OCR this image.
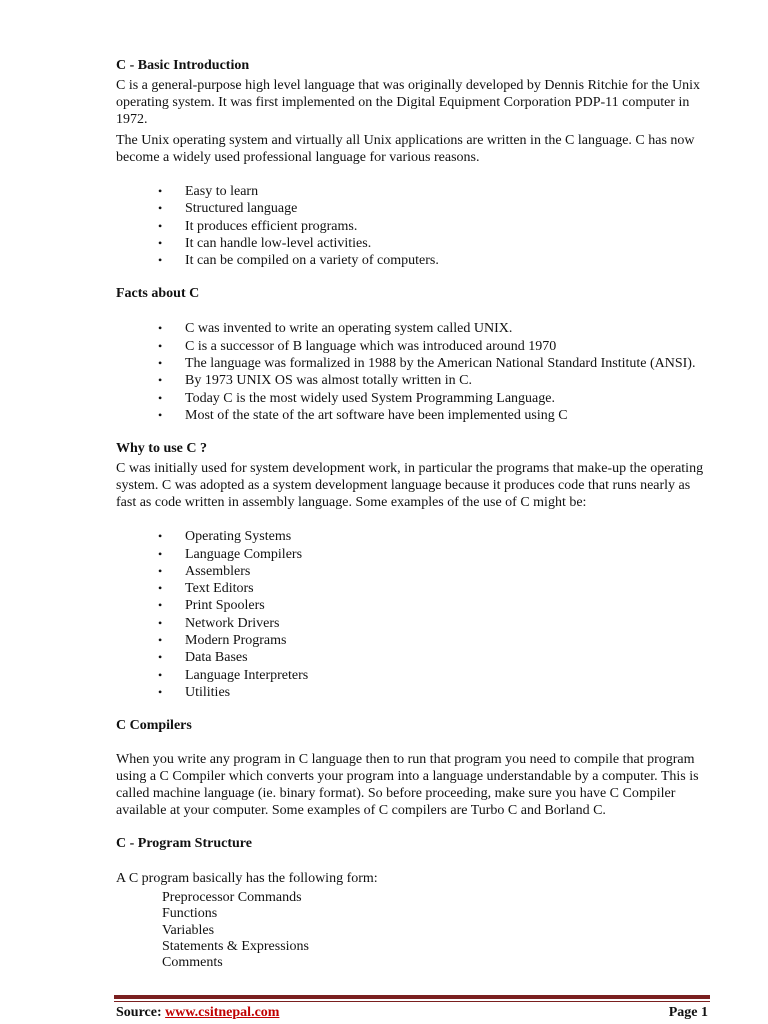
C - Basic Introduction

C is a general-purpose high level language that was originally developed by Dennis Ritchie for the Unix operating system. It was first implemented on the Digital Equipment Corporation PDP-11 computer in 1972.

The Unix operating system and virtually all Unix applications are written in the C language. C has now become a widely used professional language for various reasons.

• Easy to learn
• Structured language
• It produces efficient programs.
• It can handle low-level activities.
• It can be compiled on a variety of computers.
Facts about C
• C was invented to write an operating system called UNIX.
• C is a successor of B language which was introduced around 1970
• The language was formalized in 1988 by the American National Standard Institute (ANSI).
• By 1973 UNIX OS was almost totally written in C.
• Today C is the most widely used System Programming Language.
• Most of the state of the art software have been implemented using C
Why to use C ?

C was initially used for system development work, in particular the programs that make-up the operating system. C was adopted as a system development language because it produces code that runs nearly as fast as code written in assembly language. Some examples of the use of C might be:

• Operating Systems
• Language Compilers
• Assemblers
• Text Editors
• Print Spoolers
• Network Drivers
• Modern Programs
• Data Bases
• Language Interpreters
• Utilities
C Compilers

When you write any program in C language then to run that program you need to compile that program using a C Compiler which converts your program into a language understandable by a computer. This is called machine language (ie. binary format). So before proceeding, make sure you have C Compiler available at your computer. Some examples of C compilers are Turbo C and Borland C.

C - Program Structure

A C program basically has the following form:

Preprocessor Commands
Functions
Variables
Statements & Expressions
Comments
Source: www.csitnepal.com	Page 1
